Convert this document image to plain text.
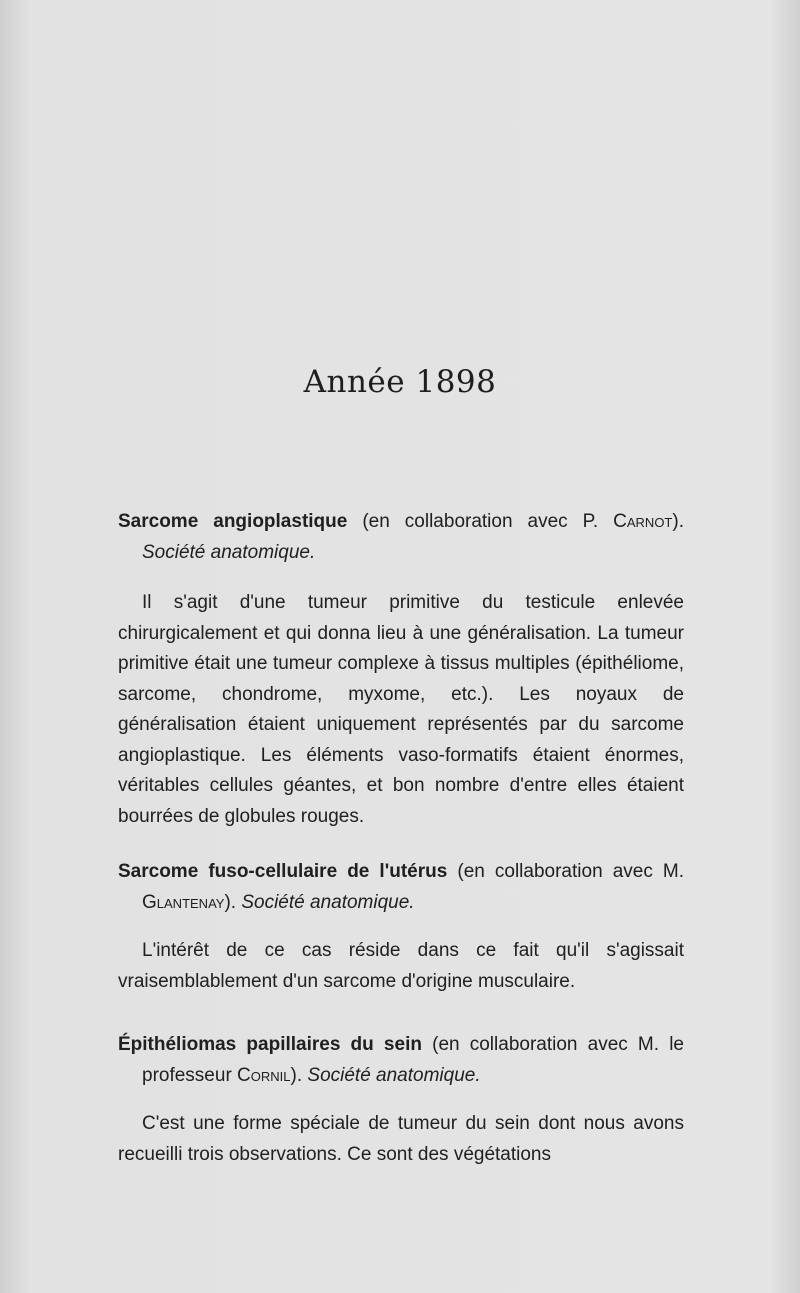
Année 1898

Sarcome angioplastique (en collaboration avec P. Carnot). Société anatomique.

Il s'agit d'une tumeur primitive du testicule enlevée chirurgicalement et qui donna lieu à une généralisation. La tumeur primitive était une tumeur complexe à tissus multiples (épithéliome, sarcome, chondrome, myxome, etc.). Les noyaux de généralisation étaient uniquement représentés par du sarcome angioplastique. Les éléments vaso-formatifs étaient énormes, véritables cellules géantes, et bon nombre d'entre elles étaient bourrées de globules rouges.

Sarcome fuso-cellulaire de l'utérus (en collaboration avec M. Glantenay). Société anatomique.

L'intérêt de ce cas réside dans ce fait qu'il s'agissait vraisemblablement d'un sarcome d'origine musculaire.

Épithéliomas papillaires du sein (en collaboration avec M. le professeur Cornil). Société anatomique.

C'est une forme spéciale de tumeur du sein dont nous avons recueilli trois observations. Ce sont des végétations
